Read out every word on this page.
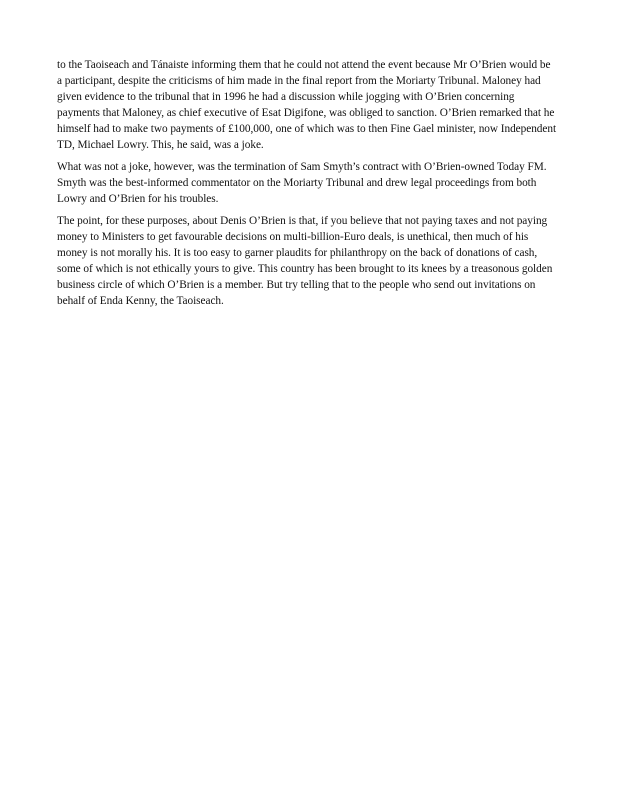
to the Taoiseach and Tánaiste informing them that he could not attend the event because Mr O’Brien would be a participant, despite the criticisms of him made in the final report from the Moriarty Tribunal. Maloney had given evidence to the tribunal that in 1996 he had a discussion while jogging with O’Brien concerning payments that Maloney, as chief executive of Esat Digifone, was obliged to sanction. O’Brien remarked that he himself had to make two payments of £100,000, one of which was to then Fine Gael minister, now Independent TD, Michael Lowry. This, he said, was a joke.

What was not a joke, however, was the termination of Sam Smyth’s contract with O’Brien-owned Today FM. Smyth was the best-informed commentator on the Moriarty Tribunal and drew legal proceedings from both Lowry and O’Brien for his troubles.

The point, for these purposes, about Denis O’Brien is that, if you believe that not paying taxes and not paying money to Ministers to get favourable decisions on multi-billion-Euro deals, is unethical, then much of his money is not morally his. It is too easy to garner plaudits for philanthropy on the back of donations of cash, some of which is not ethically yours to give. This country has been brought to its knees by a treasonous golden business circle of which O’Brien is a member. But try telling that to the people who send out invitations on behalf of Enda Kenny, the Taoiseach.
